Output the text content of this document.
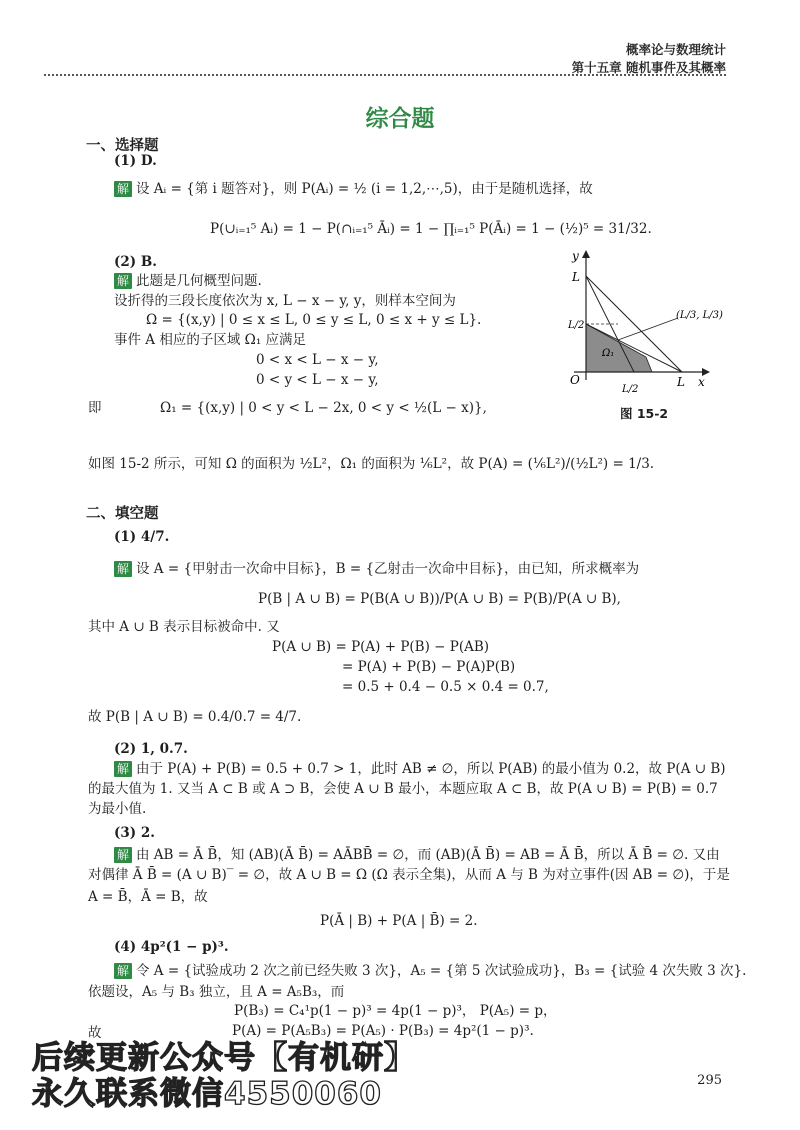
概率论与数理统计
第十五章 随机事件及其概率
综合题
一、选择题
(1) D.
解 设 Aᵢ = {第 i 题答对}，则 P(Aᵢ) = ½ (i = 1,2,⋯,5)，由于是随机选择，故
P(∪ᵢ₌₁⁵ Aᵢ) = 1 − P(∩ᵢ₌₁⁵ Āᵢ) = 1 − ∏ᵢ₌₁⁵ P(Āᵢ) = 1 − (½)⁵ = 31/32.
(2) B.
解 此题是几何概型问题.
设折得的三段长度依次为 x, L − x − y, y，则样本空间为
Ω = {(x,y) | 0 ≤ x ≤ L, 0 ≤ y ≤ L, 0 ≤ x + y ≤ L}.
事件 A 相应的子区域 Ω₁ 应满足
0 < x < L − x − y,
0 < y < L − x − y,
即	Ω₁ = {(x,y) | 0 < y < L − 2x, 0 < y < ½(L − x)},
如图 15-2 所示，可知 Ω 的面积为 ½L²，Ω₁ 的面积为 ⅙L²，故 P(A) = (⅙L²)/(½L²) = 1/3.
y
L
L/2
O
L/2
L x
(L/3, L/3)
Ω₁
图 15-2
二、填空题
(1) 4/7.
解 设 A = {甲射击一次命中目标}，B = {乙射击一次命中目标}，由已知，所求概率为
P(B | A ∪ B) = P(B(A ∪ B))/P(A ∪ B) = P(B)/P(A ∪ B),
其中 A ∪ B 表示目标被命中. 又
P(A ∪ B) = P(A) + P(B) − P(AB)
= P(A) + P(B) − P(A)P(B)
= 0.5 + 0.4 − 0.5 × 0.4 = 0.7,
故 P(B | A ∪ B) = 0.4/0.7 = 4/7.
(2) 1, 0.7.
解 由于 P(A) + P(B) = 0.5 + 0.7 > 1，此时 AB ≠ ∅，所以 P(AB) 的最小值为 0.2，故 P(A ∪ B)
的最大值为 1. 又当 A ⊂ B 或 A ⊃ B，会使 A ∪ B 最小，本题应取 A ⊂ B，故 P(A ∪ B) = P(B) = 0.7
为最小值.
(3) 2.
解 由 AB = Ā B̄，知 (AB)(Ā B̄) = AĀBB̄ = ∅，而 (AB)(Ā B̄) = AB = Ā B̄，所以 Ā B̄ = ∅. 又由
对偶律 Ā B̄ = (A ∪ B)‾ = ∅，故 A ∪ B = Ω (Ω 表示全集)，从而 A 与 B 为对立事件(因 AB = ∅)，于是
A = B̄，Ā = B，故
P(Ā | B) + P(A | B̄) = 2.
(4) 4p²(1 − p)³.
解 令 A = {试验成功 2 次之前已经失败 3 次}，A₅ = {第 5 次试验成功}，B₃ = {试验 4 次失败 3 次}.
依题设，A₅ 与 B₃ 独立，且 A = A₅B₃，而
P(B₃) = C₄¹p(1 − p)³ = 4p(1 − p)³， P(A₅) = p，
故	P(A) = P(A₅B₃) = P(A₅) · P(B₃) = 4p²(1 − p)³.
后续更新公众号【有机研】
永久联系微信4550060	295
